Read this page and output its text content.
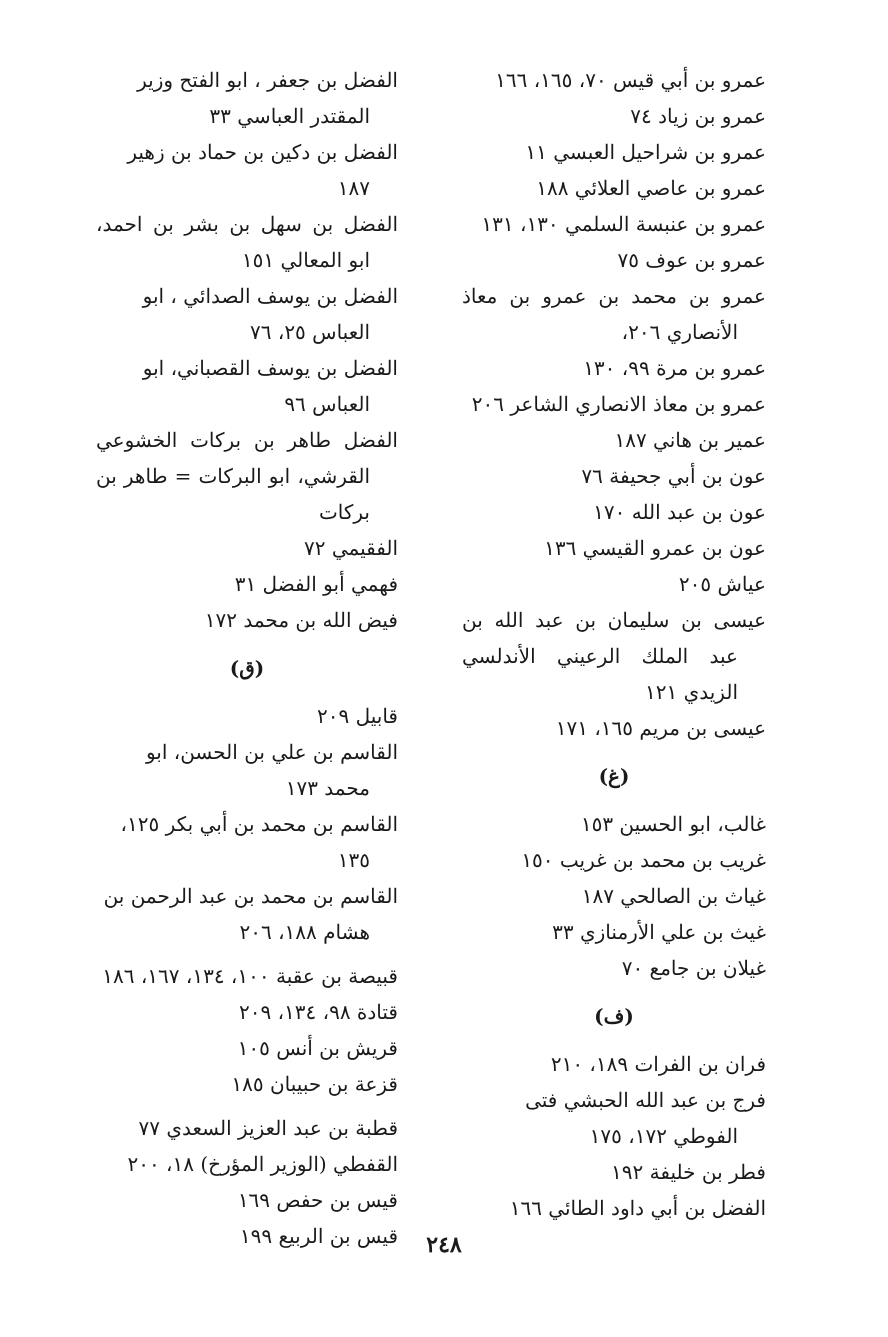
عمرو بن أبي قيس ٧٠، ١٦٥، ١٦٦

عمرو بن زياد ٧٤

عمرو بن شراحيل العبسي ١١

عمرو بن عاصي العلائي ١٨٨

عمرو بن عنبسة السلمي ١٣٠، ١٣١

عمرو بن عوف ٧٥

عمرو بن محمد بن عمرو بن معاذ الأنصاري ٢٠٦،

عمرو بن مرة ٩٩، ١٣٠

عمرو بن معاذ الانصاري الشاعر ٢٠٦

عمير بن هاني ١٨٧

عون بن أبي جحيفة ٧٦

عون بن عبد الله ١٧٠

عون بن عمرو القيسي ١٣٦

عياش ٢٠٥

عيسى بن سليمان بن عبد الله بن عبد الملك الرعيني الأندلسي الزيدي ١٢١

عيسى بن مريم ١٦٥، ١٧١

(غ)

غالب، ابو الحسين ١٥٣

غريب بن محمد بن غريب ١٥٠

غياث بن الصالحي ١٨٧

غيث بن علي الأرمنازي ٣٣

غيلان بن جامع ٧٠

(ف)

فران بن الفرات ١٨٩، ٢١٠

فرج بن عبد الله الحبشي فتى الفوطي ١٧٢، ١٧٥

فطر بن خليفة ١٩٢

الفضل بن أبي داود الطائي ١٦٦

الفضل بن جعفر ، ابو الفتح وزير المقتدر العباسي ٣٣

الفضل بن دكين بن حماد بن زهير ١٨٧

الفضل بن سهل بن بشر بن احمد، ابو المعالي ١٥١

الفضل بن يوسف الصدائي ، ابو العباس ٢٥، ٧٦

الفضل بن يوسف القصباني، ابو العباس ٩٦

الفضل طاهر بن بركات الخشوعي القرشي، ابو البركات = طاهر بن بركات

الفقيمي ٧٢

فهمي أبو الفضل ٣١

فيض الله بن محمد ١٧٢

(ق)

قابيل ٢٠٩

القاسم بن علي بن الحسن، ابو محمد ١٧٣

القاسم بن محمد بن أبي بكر ١٢٥، ١٣٥

القاسم بن محمد بن عبد الرحمن بن هشام ١٨٨، ٢٠٦

قبيصة بن عقبة ١٠٠، ١٣٤، ١٦٧، ١٨٦

قتادة ٩٨، ١٣٤، ٢٠٩

قريش بن أنس ١٠٥

قزعة بن حبيبان ١٨٥

قطبة بن عبد العزيز السعدي ٧٧

القفطي (الوزير المؤرخ) ١٨، ٢٠٠

قيس بن حفص ١٦٩

قيس بن الربيع ١٩٩	٢٤٨
